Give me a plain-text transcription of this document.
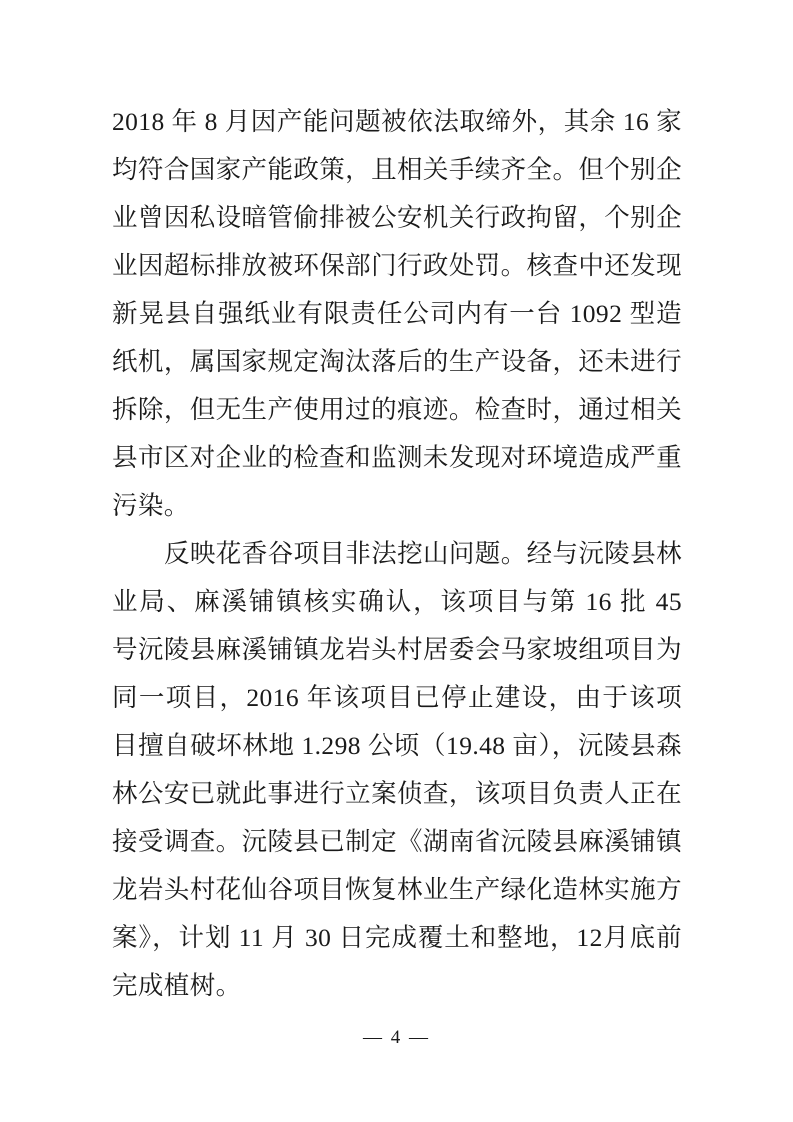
2018 年 8 月因产能问题被依法取缔外，其余 16 家均符合国家产能政策，且相关手续齐全。但个别企业曾因私设暗管偷排被公安机关行政拘留，个别企业因超标排放被环保部门行政处罚。核查中还发现新晃县自强纸业有限责任公司内有一台 1092 型造纸机，属国家规定淘汰落后的生产设备，还未进行拆除，但无生产使用过的痕迹。检查时，通过相关县市区对企业的检查和监测未发现对环境造成严重污染。

反映花香谷项目非法挖山问题。经与沅陵县林业局、麻溪铺镇核实确认，该项目与第 16 批 45 号沅陵县麻溪铺镇龙岩头村居委会马家坡组项目为同一项目，2016 年该项目已停止建设，由于该项目擅自破坏林地 1.298 公顷（19.48 亩），沅陵县森林公安已就此事进行立案侦查，该项目负责人正在接受调查。沅陵县已制定《湖南省沅陵县麻溪铺镇龙岩头村花仙谷项目恢复林业生产绿化造林实施方案》，计划 11 月 30 日完成覆土和整地，12月底前完成植树。

— 4 —
